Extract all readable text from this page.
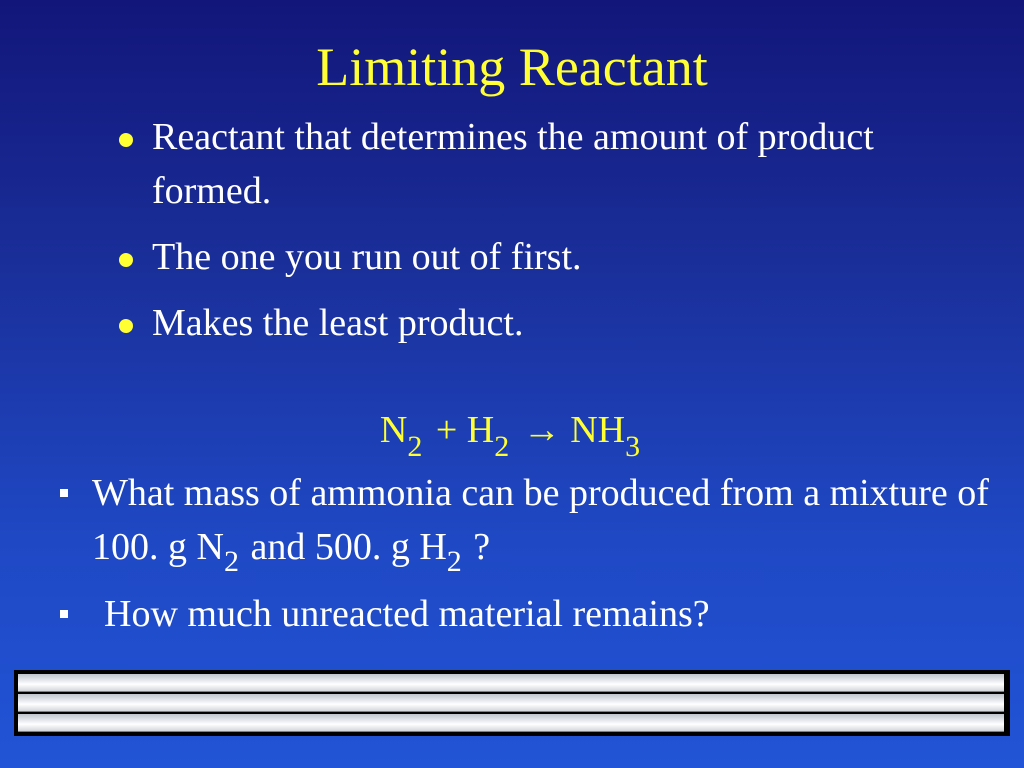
Limiting Reactant
Reactant that determines the amount of product formed.
The one you run out of first.
Makes the least product.
$N_2 + H_2 \to NH_3$
What mass of ammonia can be produced from a mixture of 100. g $N_2$ and 500. g $H_2$ ?
How much unreacted material remains?
